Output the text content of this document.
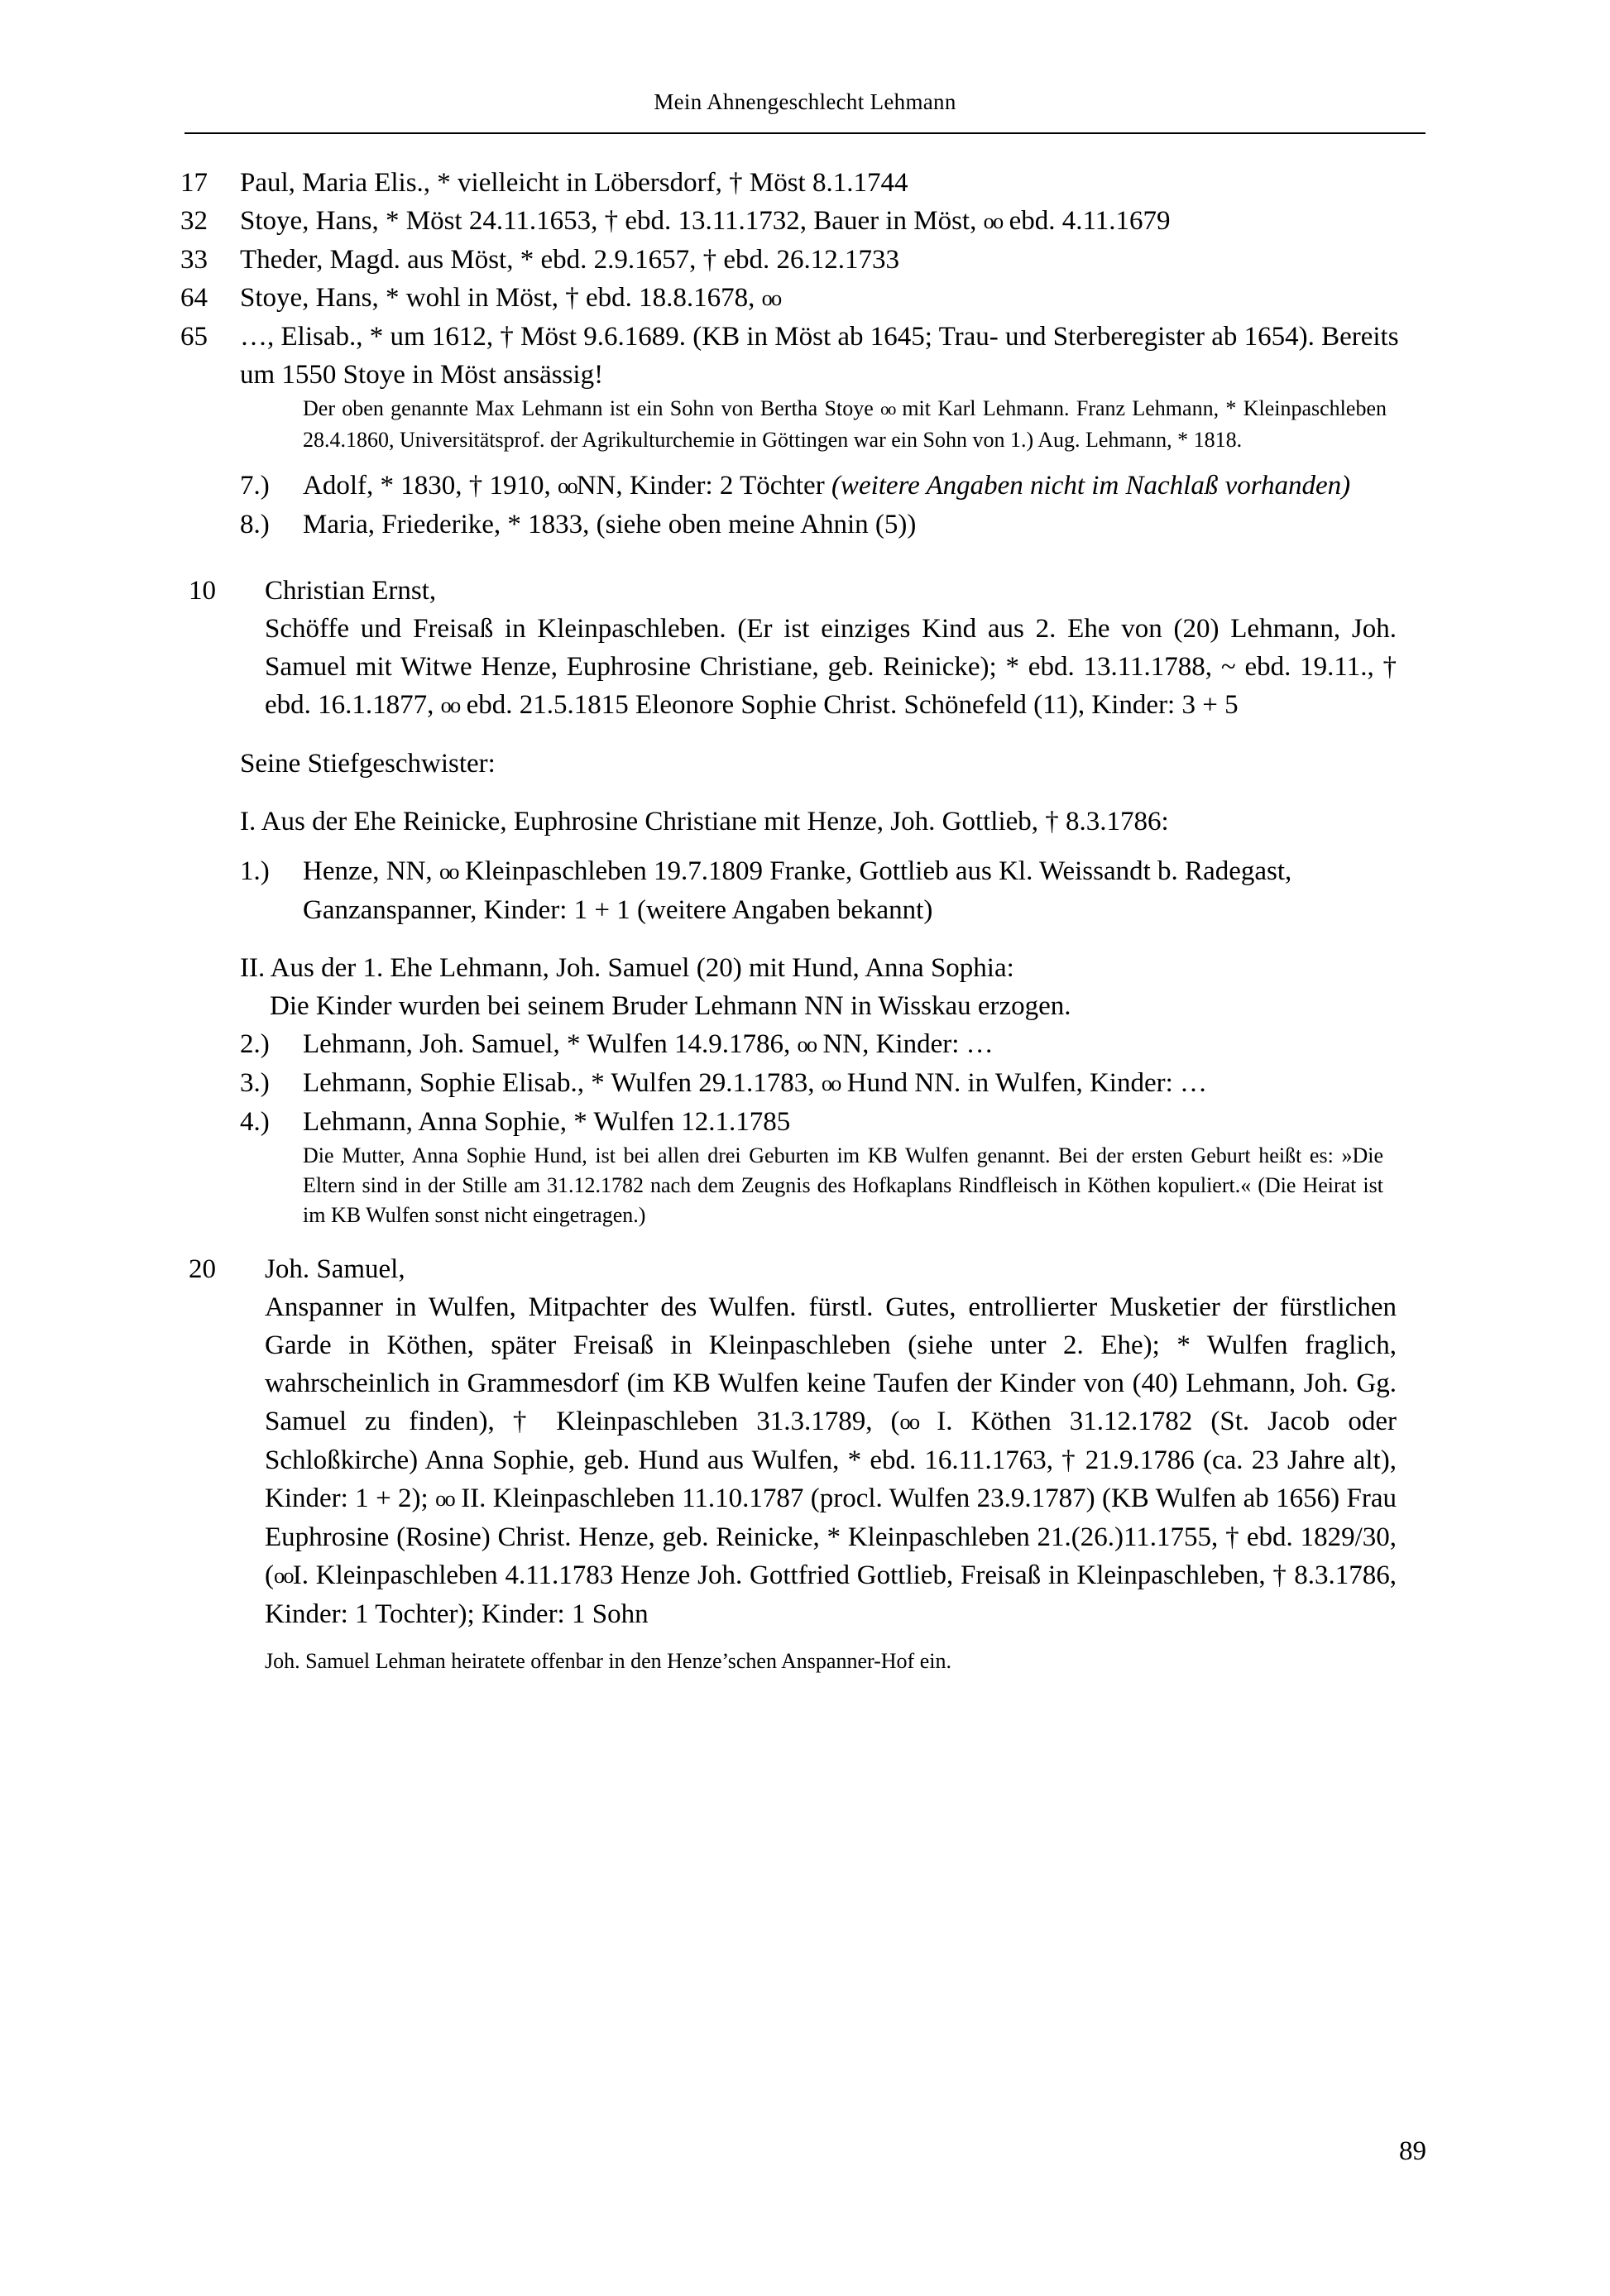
Mein Ahnengeschlecht Lehmann
17	Paul, Maria Elis., * vielleicht in Löbersdorf, † Möst 8.1.1744
32	Stoye, Hans, * Möst 24.11.1653, † ebd. 13.11.1732, Bauer in Möst, oo ebd. 4.11.1679
33	Theder, Magd. aus Möst, * ebd. 2.9.1657, † ebd. 26.12.1733
64	Stoye, Hans, * wohl in Möst, † ebd. 18.8.1678, oo
65	…, Elisab., * um 1612, † Möst 9.6.1689. (KB in Möst ab 1645; Trau- und Sterberegister ab 1654). Bereits um 1550 Stoye in Möst ansässig!
Der oben genannte Max Lehmann ist ein Sohn von Bertha Stoye oo mit Karl Lehmann. Franz Lehmann, * Kleinpaschleben 28.4.1860, Universitätsprof. der Agrikulturchemie in Göttingen war ein Sohn von 1.) Aug. Lehmann, * 1818.
7.)	Adolf, * 1830, † 1910, ooNN, Kinder: 2 Töchter (weitere Angaben nicht im Nachlaß vorhanden)
8.)	Maria, Friederike, * 1833, (siehe oben meine Ahnin (5))
10 Christian Ernst,
Schöffe und Freisaß in Kleinpaschleben. (Er ist einziges Kind aus 2. Ehe von (20) Lehmann, Joh. Samuel mit Witwe Henze, Euphrosine Christiane, geb. Reinicke); * ebd. 13.11.1788, ~ ebd. 19.11., † ebd. 16.1.1877, oo ebd. 21.5.1815 Eleonore Sophie Christ. Schönefeld (11), Kinder: 3 + 5
Seine Stiefgeschwister:
I. Aus der Ehe Reinicke, Euphrosine Christiane mit Henze, Joh. Gottlieb, † 8.3.1786:
1.)	Henze, NN, oo Kleinpaschleben 19.7.1809 Franke, Gottlieb aus Kl. Weissandt b. Radegast, Ganzanspanner, Kinder: 1 + 1 (weitere Angaben bekannt)
II. Aus der 1. Ehe Lehmann, Joh. Samuel (20) mit Hund, Anna Sophia:
Die Kinder wurden bei seinem Bruder Lehmann NN in Wisskau erzogen.
2.)	Lehmann, Joh. Samuel, * Wulfen 14.9.1786, oo NN, Kinder: …
3.)	Lehmann, Sophie Elisab., * Wulfen 29.1.1783, oo Hund NN. in Wulfen, Kinder: …
4.)	Lehmann, Anna Sophie, * Wulfen 12.1.1785
Die Mutter, Anna Sophie Hund, ist bei allen drei Geburten im KB Wulfen genannt. Bei der ersten Geburt heißt es: »Die Eltern sind in der Stille am 31.12.1782 nach dem Zeugnis des Hofkaplans Rindfleisch in Köthen kopuliert.« (Die Heirat ist im KB Wulfen sonst nicht eingetragen.)
20 Joh. Samuel,
Anspanner in Wulfen, Mitpachter des Wulfen. fürstl. Gutes, entrollierter Musketier der fürstlichen Garde in Köthen, später Freisaß in Kleinpaschleben (siehe unter 2. Ehe); * Wulfen fraglich, wahrscheinlich in Grammesdorf (im KB Wulfen keine Taufen der Kinder von (40) Lehmann, Joh. Gg. Samuel zu finden), † Kleinpaschleben 31.3.1789, (oo I. Köthen 31.12.1782 (St. Jacob oder Schloßkirche) Anna Sophie, geb. Hund aus Wulfen, * ebd. 16.11.1763, † 21.9.1786 (ca. 23 Jahre alt), Kinder: 1 + 2); oo II. Kleinpaschleben 11.10.1787 (procl. Wulfen 23.9.1787) (KB Wulfen ab 1656) Frau Euphrosine (Rosine) Christ. Henze, geb. Reinicke, * Kleinpaschleben 21.(26.)11.1755, † ebd. 1829/30, (ooI. Kleinpaschleben 4.11.1783 Henze Joh. Gottfried Gottlieb, Freisaß in Kleinpaschleben, † 8.3.1786, Kinder: 1 Tochter); Kinder: 1 Sohn
Joh. Samuel Lehman heiratete offenbar in den Henze’schen Anspanner-Hof ein.
89
